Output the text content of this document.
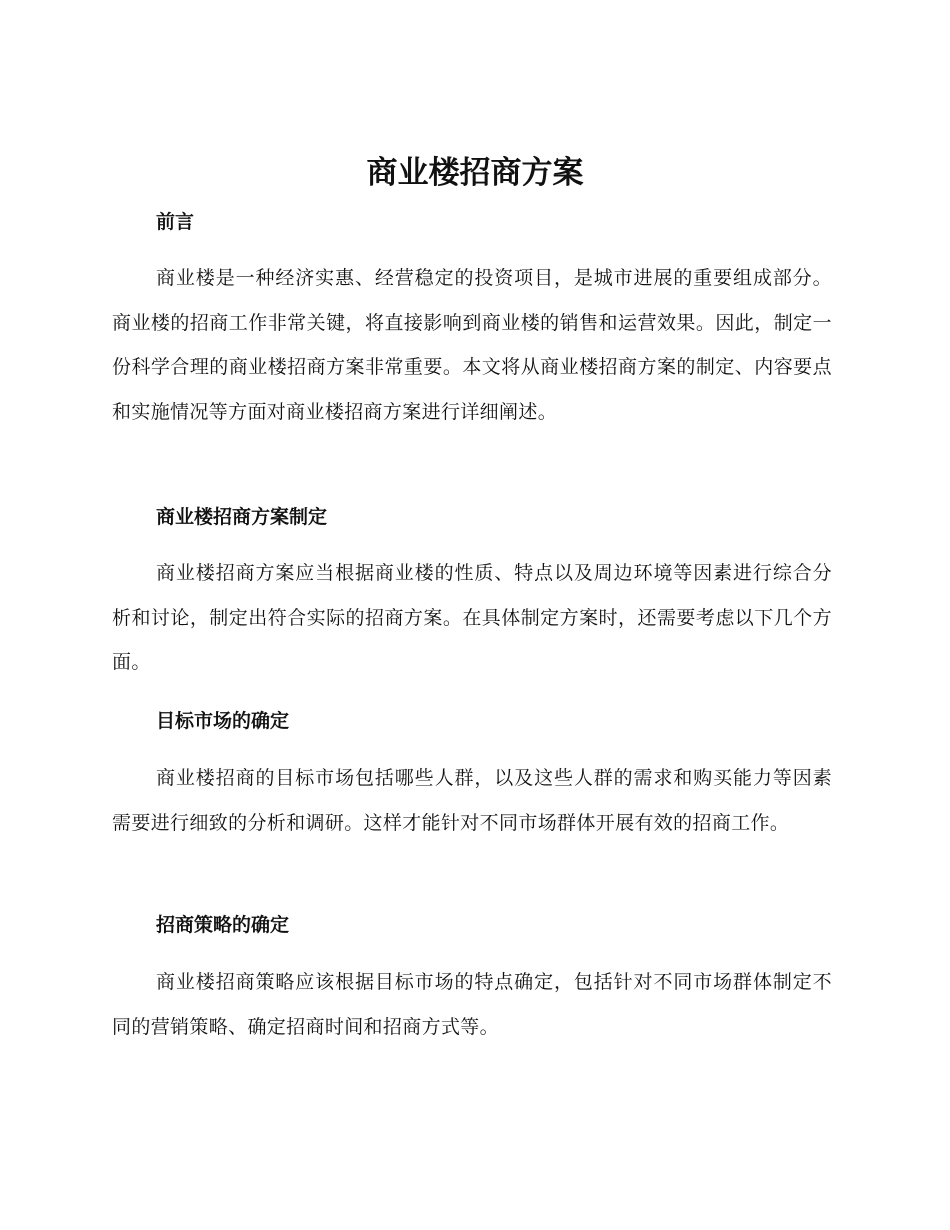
商业楼招商方案
前言

商业楼是一种经济实惠、经营稳定的投资项目，是城市进展的重要组成部分。商业楼的招商工作非常关键，将直接影响到商业楼的销售和运营效果。因此，制定一份科学合理的商业楼招商方案非常重要。本文将从商业楼招商方案的制定、内容要点和实施情况等方面对商业楼招商方案进行详细阐述。

商业楼招商方案制定

商业楼招商方案应当根据商业楼的性质、特点以及周边环境等因素进行综合分析和讨论，制定出符合实际的招商方案。在具体制定方案时，还需要考虑以下几个方面。

目标市场的确定

商业楼招商的目标市场包括哪些人群，以及这些人群的需求和购买能力等因素需要进行细致的分析和调研。这样才能针对不同市场群体开展有效的招商工作。

招商策略的确定

商业楼招商策略应该根据目标市场的特点确定，包括针对不同市场群体制定不同的营销策略、确定招商时间和招商方式等。
